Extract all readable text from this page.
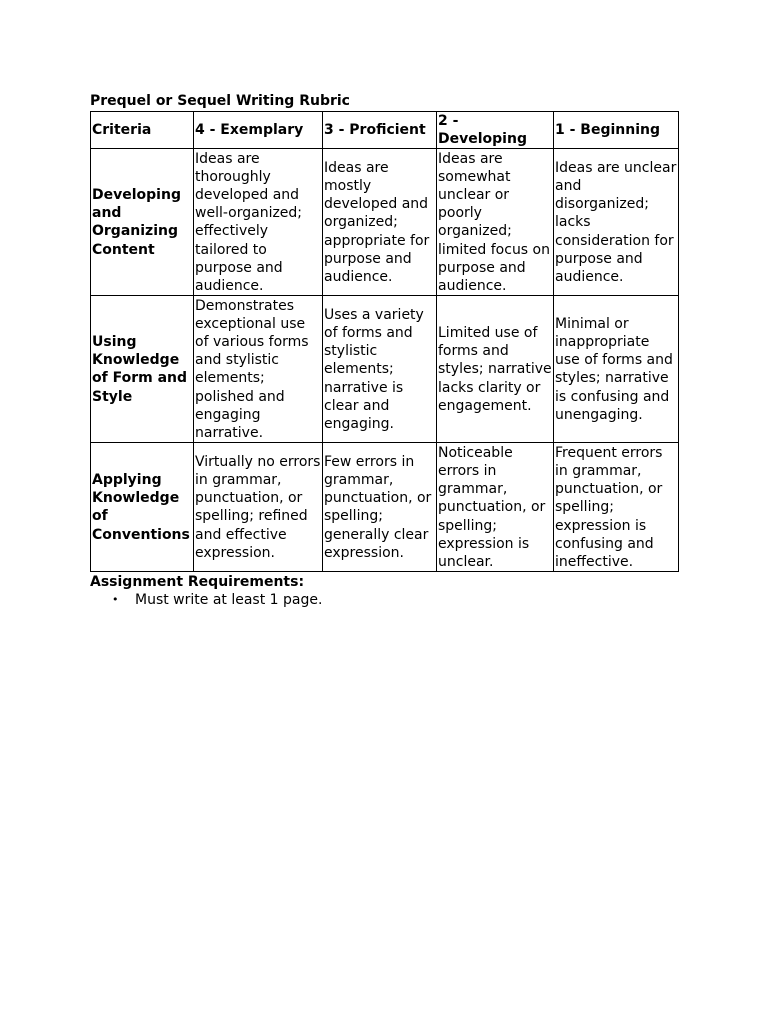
Prequel or Sequel Writing Rubric
Criteria	4 - Exemplary	3 - Proficient	2 - Developing	1 - Beginning
Developing and Organizing Content	Ideas are thoroughly developed and well-organized; effectively tailored to purpose and audience.	Ideas are mostly developed and organized; appropriate for purpose and audience.	Ideas are somewhat unclear or poorly organized; limited focus on purpose and audience.	Ideas are unclear and disorganized; lacks consideration for purpose and audience.
Using Knowledge of Form and Style	Demonstrates exceptional use of various forms and stylistic elements; polished and engaging narrative.	Uses a variety of forms and stylistic elements; narrative is clear and engaging.	Limited use of forms and styles; narrative lacks clarity or engagement.	Minimal or inappropriate use of forms and styles; narrative is confusing and unengaging.
Applying Knowledge of Conventions	Virtually no errors in grammar, punctuation, or spelling; refined and effective expression.	Few errors in grammar, punctuation, or spelling; generally clear expression.	Noticeable errors in grammar, punctuation, or spelling; expression is unclear.	Frequent errors in grammar, punctuation, or spelling; expression is confusing and ineffective.
Assignment Requirements:
• Must write at least 1 page.
